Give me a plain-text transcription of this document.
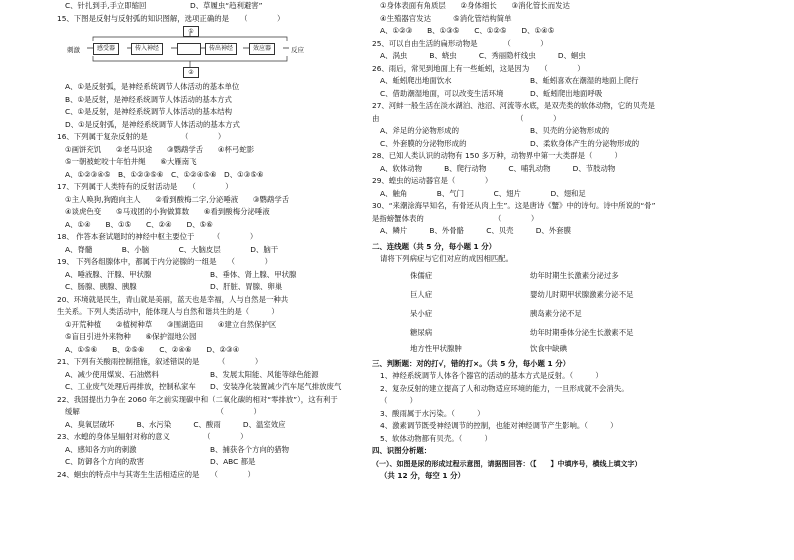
C、针扎到手,手立即缩回	D、草履虫“趋利避害”
15、下图是反射与反射弧的知识图解，选项正确的是　　（　　　　）
①
刺激	感受器	传入神经	传出神经	效应器	反应
②
A、①是反射弧，是神经系统调节人体活动的基本单位
B、①是反射，是神经系统调节人体活动的基本方式
C、①是反射，是神经系统调节人体活动的基本结构
D、①是反射弧，是神经系统调节人体活动的基本方式
16、下列属于复杂反射的是　　　　　（　　　　）
①画饼充饥　　②老马识途　　③鹦鹉学舌　　④杯弓蛇影
⑤一朝被蛇咬十年怕井绳　　⑥大雁南飞
A、①②③④⑤　B、①②③⑤⑥　C、①②④⑤⑥　D、①③⑤⑥
17、下列属于人类特有的反射活动是　　（　　　　）
①主人唤狗,狗跑向主人　　②看到酸梅二字,分泌唾液　　③鹦鹉学舌
④谈虎色变　　⑤马戏团的小狗做算数　　⑥看到酸梅分泌唾液
A、①④　　B、①⑤　　C、②④　　D、⑤⑥
18、 作答本套试题时的神经中枢主要位于　　　（　　　　）
A、脊髓　　　　B、小脑　　　　C、大脑皮层　　　　D、脑干
19、 下列各组腺体中，都属于内分泌腺的一组是　　（　　　　）
A、唾液腺、汗腺、甲状腺	B、垂体、肾上腺、甲状腺
C、肠腺、胰腺、胰腺	D、肝脏、胃腺、卵巢
20、环境就是民生，青山就是美丽，蓝天也是幸福，人与自然是一种共
生关系。下列人类活动中，能体现人与自然和谐共生的是（　　　）
①开荒种植　　②植树种草　　③围湖造田　　④建立自然保护区
⑤盲目引进外来物种　　⑥保护湿地公园
A、①⑤⑥　　B、②⑤⑥　　C、②④⑥　　D、②③④
21、下列有关酸雨控制措施，叙述错误的是　　　（　　　　）
A、减少使用煤炭、石油燃料	B、发展太阳能、风能等绿色能源
C、工业废气处理后再排放，控制私家车 D、安装净化装置减少汽车尾气排放废气
22、我国提出力争在 2060 年之前实现碳中和（二氧化碳的相对“零排放”），这有利于
缓解　　　　　　　　　　　　　　　　　　　（　　　　）
A、臭氧层破坏　　　B、水污染　　　C、酸雨　　　D、温室效应
23、水螅的身体呈辐射对称的意义　　　　　（　　　　）
A、感知各方向的刺激	B、捕获各个方向的猎物
C、防御各个方向的敌害	D、ABC 都是
24、蛔虫的特点中与其寄生生活相适应的是　　（　　　　）
①身体表面有角质层　　②身体细长　　③消化管长而发达
④生殖器官发达　　　⑤消化管结构简单
A、①②③　　B、①③⑤　　C、①②⑤　　D、①④⑤
25、可以自由生活的扁形动物是　　　　（　　　　）
A、涡虫　　　B、蛲虫　　　C、秀丽隐杆线虫　　　D、蛔虫
26、雨后，常见到地面上有一些蚯蚓，这是因为　　（　　　　）
A、蚯蚓爬出地面饮水	B、蚯蚓喜欢在潮湿的地面上爬行
C、借助潮湿地面，可以改变生活环境	D、蚯蚓爬出地面呼吸
27、河蚌一般生活在淡水湖泊、池沼、河流等水底，是双壳类的软体动物，它的贝壳是
由　　　　　　　　　　　　　　　　　　　（　　　　）
A、斧足的分泌物形成的	B、贝壳的分泌物形成的
C、外套膜的分泌物形成的	D、柔软身体产生的分泌物形成的
28、已知人类认识的动物有 150 多万种，动物界中第一大类群是（　　　）
A、软体动物　　　B、爬行动物　　　C、哺乳动物　　　D、节肢动物
29、蝗虫的运动器官是（　　　　）
A、触角　　　　B、气门　　　　C、翅片　　　　D、翅和足
30、“来潮涂海早知名，有骨还从肉上生”。这是唐诗《蟹》中的诗句。诗中所说的“骨”
是指螃蟹体表的　　　　　　　　　　（　　　　）
A、鳞片　　　B、外骨骼　　　C、贝壳　　　D、外套膜
二、连线题（共 5 分，每小题 1 分）
请将下列病症与它们对应的成因相匹配。
侏儒症	幼年时期生长激素分泌过多
巨人症	婴幼儿时期甲状腺激素分泌不足
呆小症	胰岛素分泌不足
糖尿病	幼年时期垂体分泌生长激素不足
地方性甲状腺肿	饮食中缺碘
三、判断题：对的打√，错的打×。（共 5 分，每小题 1 分）
1、神经系统调节人体各个器官的活动的基本方式是反射。（　　　）
2、复杂反射的建立提高了人和动物适应环境的能力，一旦形成就不会消失。
（　　　）
3、酸雨属于水污染。（　　　）
4、激素调节既受神经调节的控制，也能对神经调节产生影响。（　　　）
5、软体动物都有贝壳。（　　　）
四、识图分析题：
（一）、如图是尿的形成过程示意图，请据图回答：（【　　】中填序号，横线上填文字）
（共 12 分，每空 1 分）
